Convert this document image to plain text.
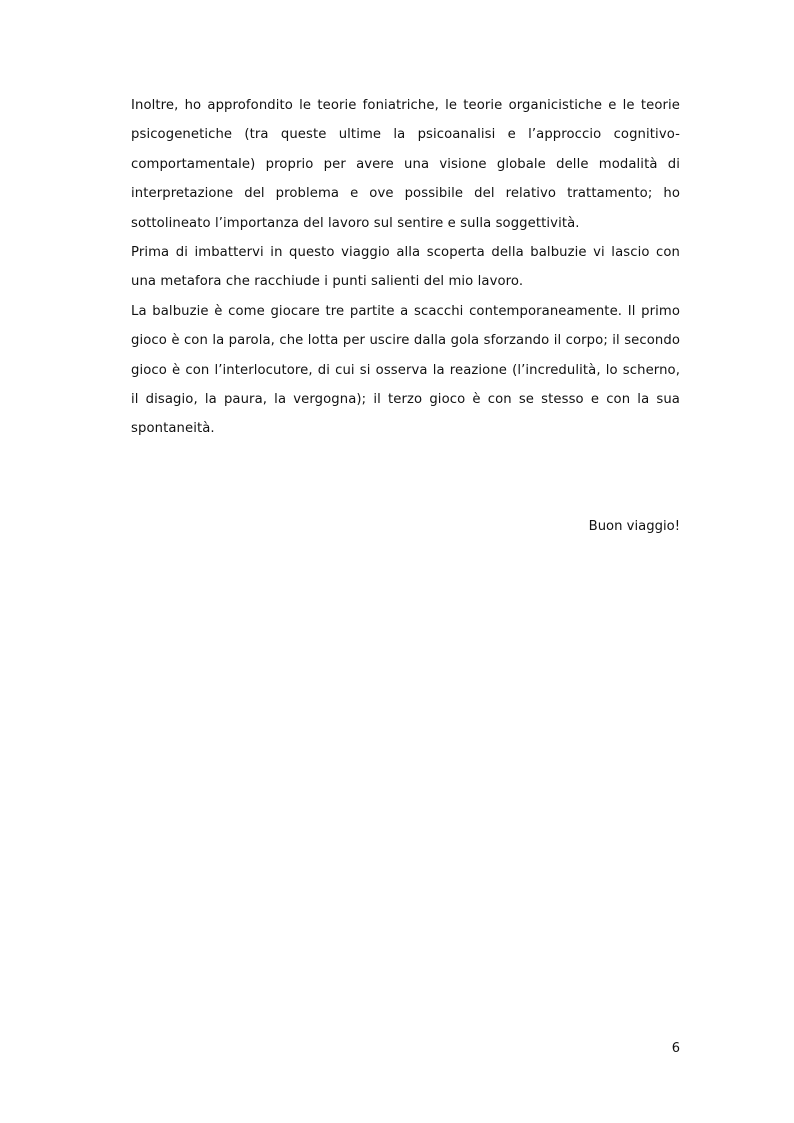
Inoltre, ho approfondito le teorie foniatriche, le teorie organicistiche e le teorie psicogenetiche (tra queste ultime la psicoanalisi e l’approccio cognitivo-comportamentale) proprio per avere una visione globale delle modalità di interpretazione del problema e ove possibile del relativo trattamento; ho sottolineato l’importanza del lavoro sul sentire e sulla soggettività.

Prima di imbattervi in questo viaggio alla scoperta della balbuzie vi lascio con una metafora che racchiude i punti salienti del mio lavoro.

La balbuzie è come giocare tre partite a scacchi contemporaneamente. Il primo gioco è con la parola, che lotta per uscire dalla gola sforzando il corpo; il secondo gioco è con l’interlocutore, di cui si osserva la reazione (l’incredulità, lo scherno, il disagio, la paura, la vergogna); il terzo gioco è con se stesso e con la sua spontaneità.

Buon viaggio!

6
